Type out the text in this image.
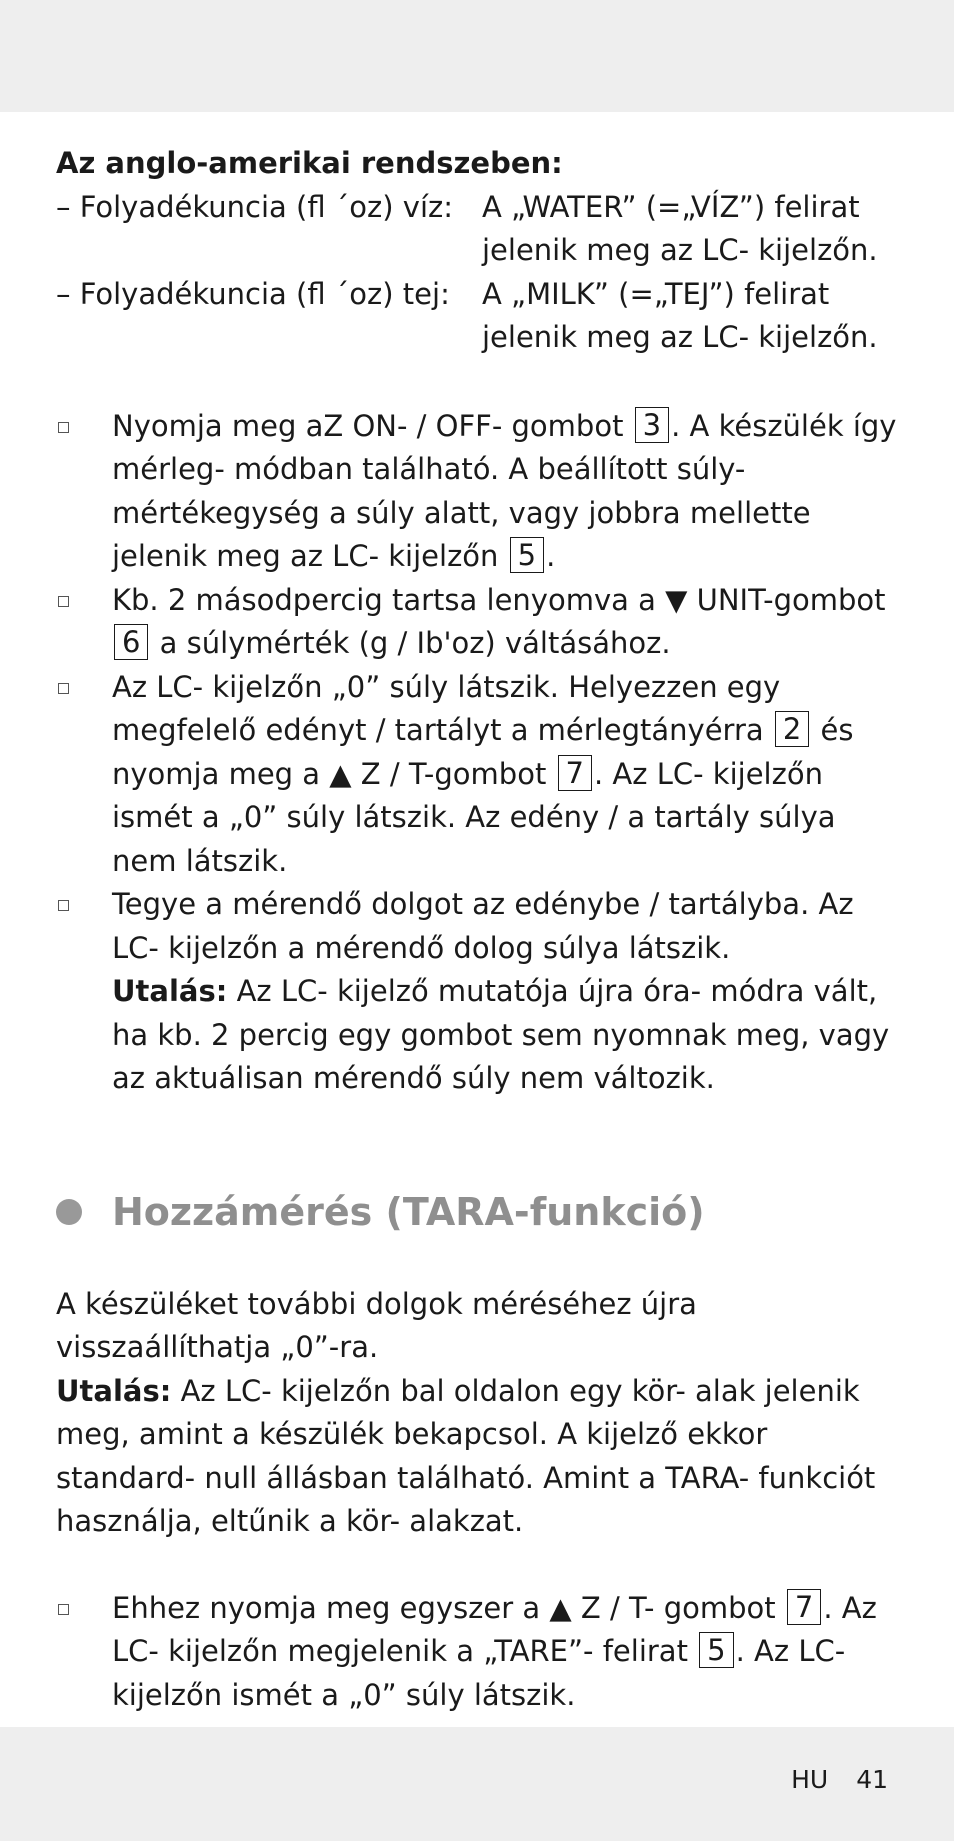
Az anglo-amerikai rendszeben:

– Folyadékuncia (fl ´oz) víz: A „WATER” (=„VÍZ”) felirat
jelenik meg az LC- kijelzőn.
– Folyadékuncia (fl ´oz) tej:	A „MILK” (=„TEJ”) felirat
jelenik meg az LC- kijelzőn.
Nyomja meg aZ ON- / OFF- gombot 3 . A készülék így mérleg- módban található. A beállított súly- mértékegység a súly alatt, vagy jobbra mellette jelenik meg az LC- kijelzőn 5 .
Kb. 2 másodpercig tartsa lenyomva a ▼ UNIT-gombot 6 a súlymérték (g / Ib'oz) váltásához.
Az LC- kijelzőn „0” súly látszik. Helyezzen egy megfelelő edényt / tartályt a mérlegtányérra 2 és nyomja meg a ▲ Z / T-gombot 7 . Az LC- kijelzőn ismét a „0” súly látszik. Az edény / a tartály súlya nem látszik.
Tegye a mérendő dolgot az edénybe / tartályba. Az LC- kijelzőn a mérendő dolog súlya látszik.
Utalás: Az LC- kijelző mutatója újra óra- módra vált, ha kb. 2 percig egy gombot sem nyomnak meg, vagy az aktuálisan mérendő súly nem változik.
Hozzámérés (TARA-funkció)

A készüléket további dolgok méréséhez újra visszaállíthatja „0”-ra.

Utalás: Az LC- kijelzőn bal oldalon egy kör- alak jelenik meg, amint a készülék bekapcsol. A kijelző ekkor standard- null állásban található. Amint a TARA- funkciót használja, eltűnik a kör- alakzat.

Ehhez nyomja meg egyszer a ▲ Z / T- gombot 7 . Az LC- kijelzőn megjelenik a „TARE”- felirat 5 . Az LC- kijelzőn ismét a „0” súly látszik.
HU 41
